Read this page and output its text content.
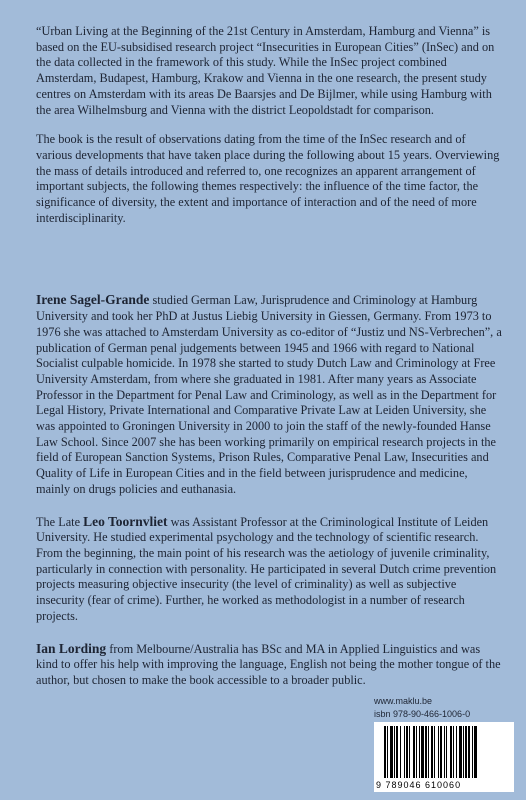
“Urban Living at the Beginning of the 21st Century in Amsterdam, Hamburg and Vienna” is based on the EU-subsidised research project “Insecurities in European Cities” (InSec) and on the data collected in the framework of this study. While the InSec project combined Amsterdam, Budapest, Hamburg, Krakow and Vienna in the one research, the present study centres on Amsterdam with its areas De Baarsjes and De Bijlmer, while using Hamburg with the area Wilhelmsburg and Vienna with the district Leopoldstadt for comparison.

The book is the result of observations dating from the time of the InSec research and of various developments that have taken place during the following about 15 years. Overviewing the mass of details introduced and referred to, one recognizes an apparent arrangement of important subjects, the following themes respectively: the influence of the time factor, the significance of diversity, the extent and importance of interaction and of the need of more interdisciplinarity.

Irene Sagel-Grande studied German Law, Jurisprudence and Criminology at Hamburg University and took her PhD at Justus Liebig University in Giessen, Germany. From 1973 to 1976 she was attached to Amsterdam University as co-editor of “Justiz und NS-Verbrechen”, a publication of German penal judgements between 1945 and 1966 with regard to National Socialist culpable homicide. In 1978 she started to study Dutch Law and Criminology at Free University Amsterdam, from where she graduated in 1981. After many years as Associate Professor in the Department for Penal Law and Criminology, as well as in the Department for Legal History, Private International and Comparative Private Law at Leiden University, she was appointed to Groningen University in 2000 to join the staff of the newly-founded Hanse Law School. Since 2007 she has been working primarily on empirical research projects in the field of European Sanction Systems, Prison Rules, Comparative Penal Law, Insecurities and Quality of Life in European Cities and in the field between jurisprudence and medicine, mainly on drugs policies and euthanasia.

The Late Leo Toornvliet was Assistant Professor at the Criminological Institute of Leiden University. He studied experimental psychology and the technology of scientific research. From the beginning, the main point of his research was the aetiology of juvenile criminality, particularly in connection with personality. He participated in several Dutch crime prevention projects measuring objective insecurity (the level of criminality) as well as subjective insecurity (fear of crime). Further, he worked as methodologist in a number of research projects.

Ian Lording from Melbourne/Australia has BSc and MA in Applied Linguistics and was kind to offer his help with improving the language, English not being the mother tongue of the author, but chosen to make the book accessible to a broader public.

www.maklu.be
isbn 978-90-466-1006-0
9 789046 610060
